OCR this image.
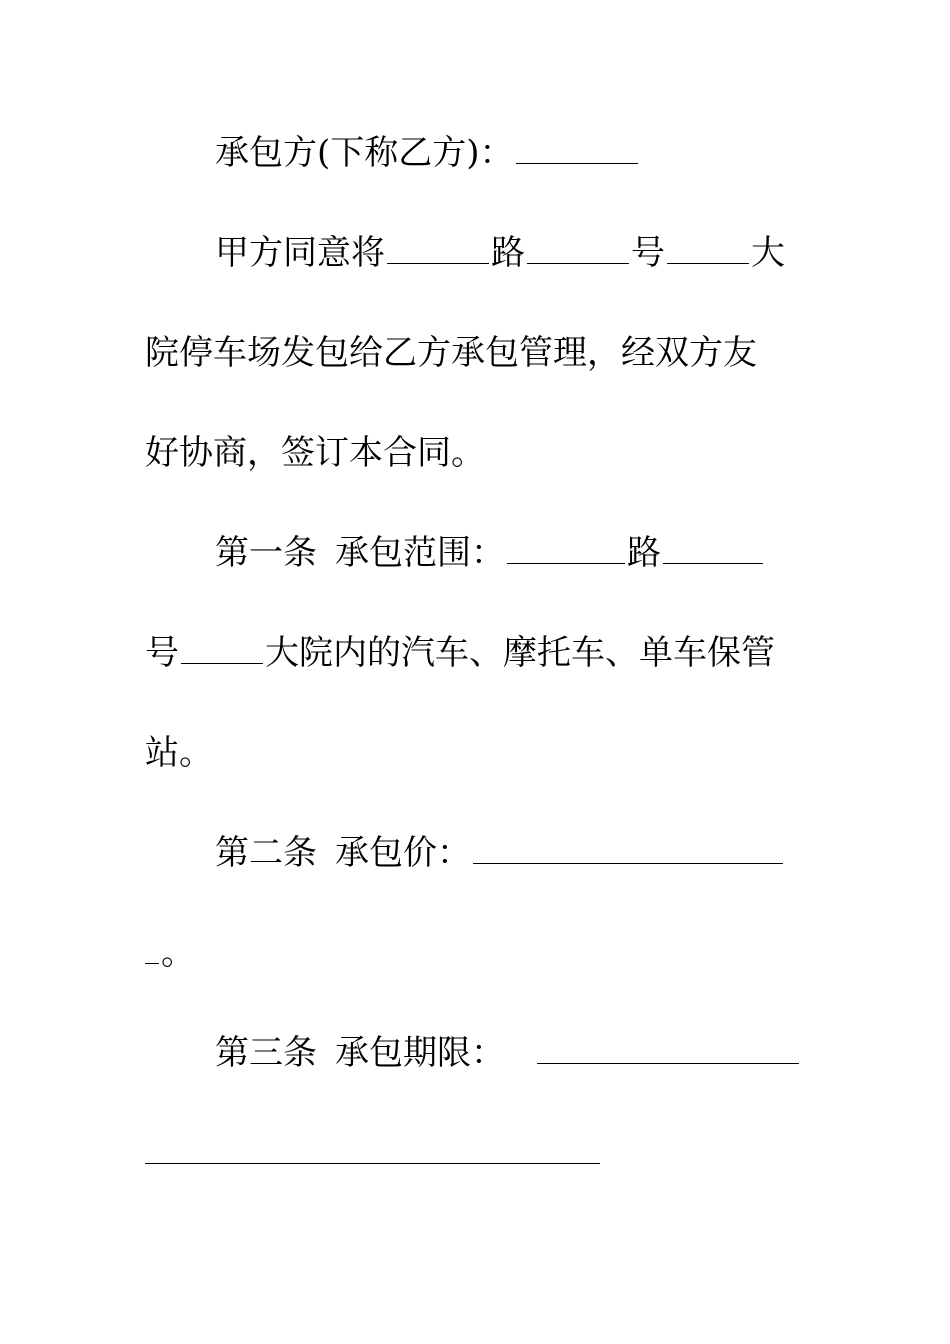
承包方(下称乙方)：
甲方同意将	路	号	大
院停车场发包给乙方承包管理，经双方友
好协商，签订本合同。
第一条 承包范围：	路
号	大院内的汽车、摩托车、单车保管
站。
第二条 承包价：
。
第三条 承包期限：
